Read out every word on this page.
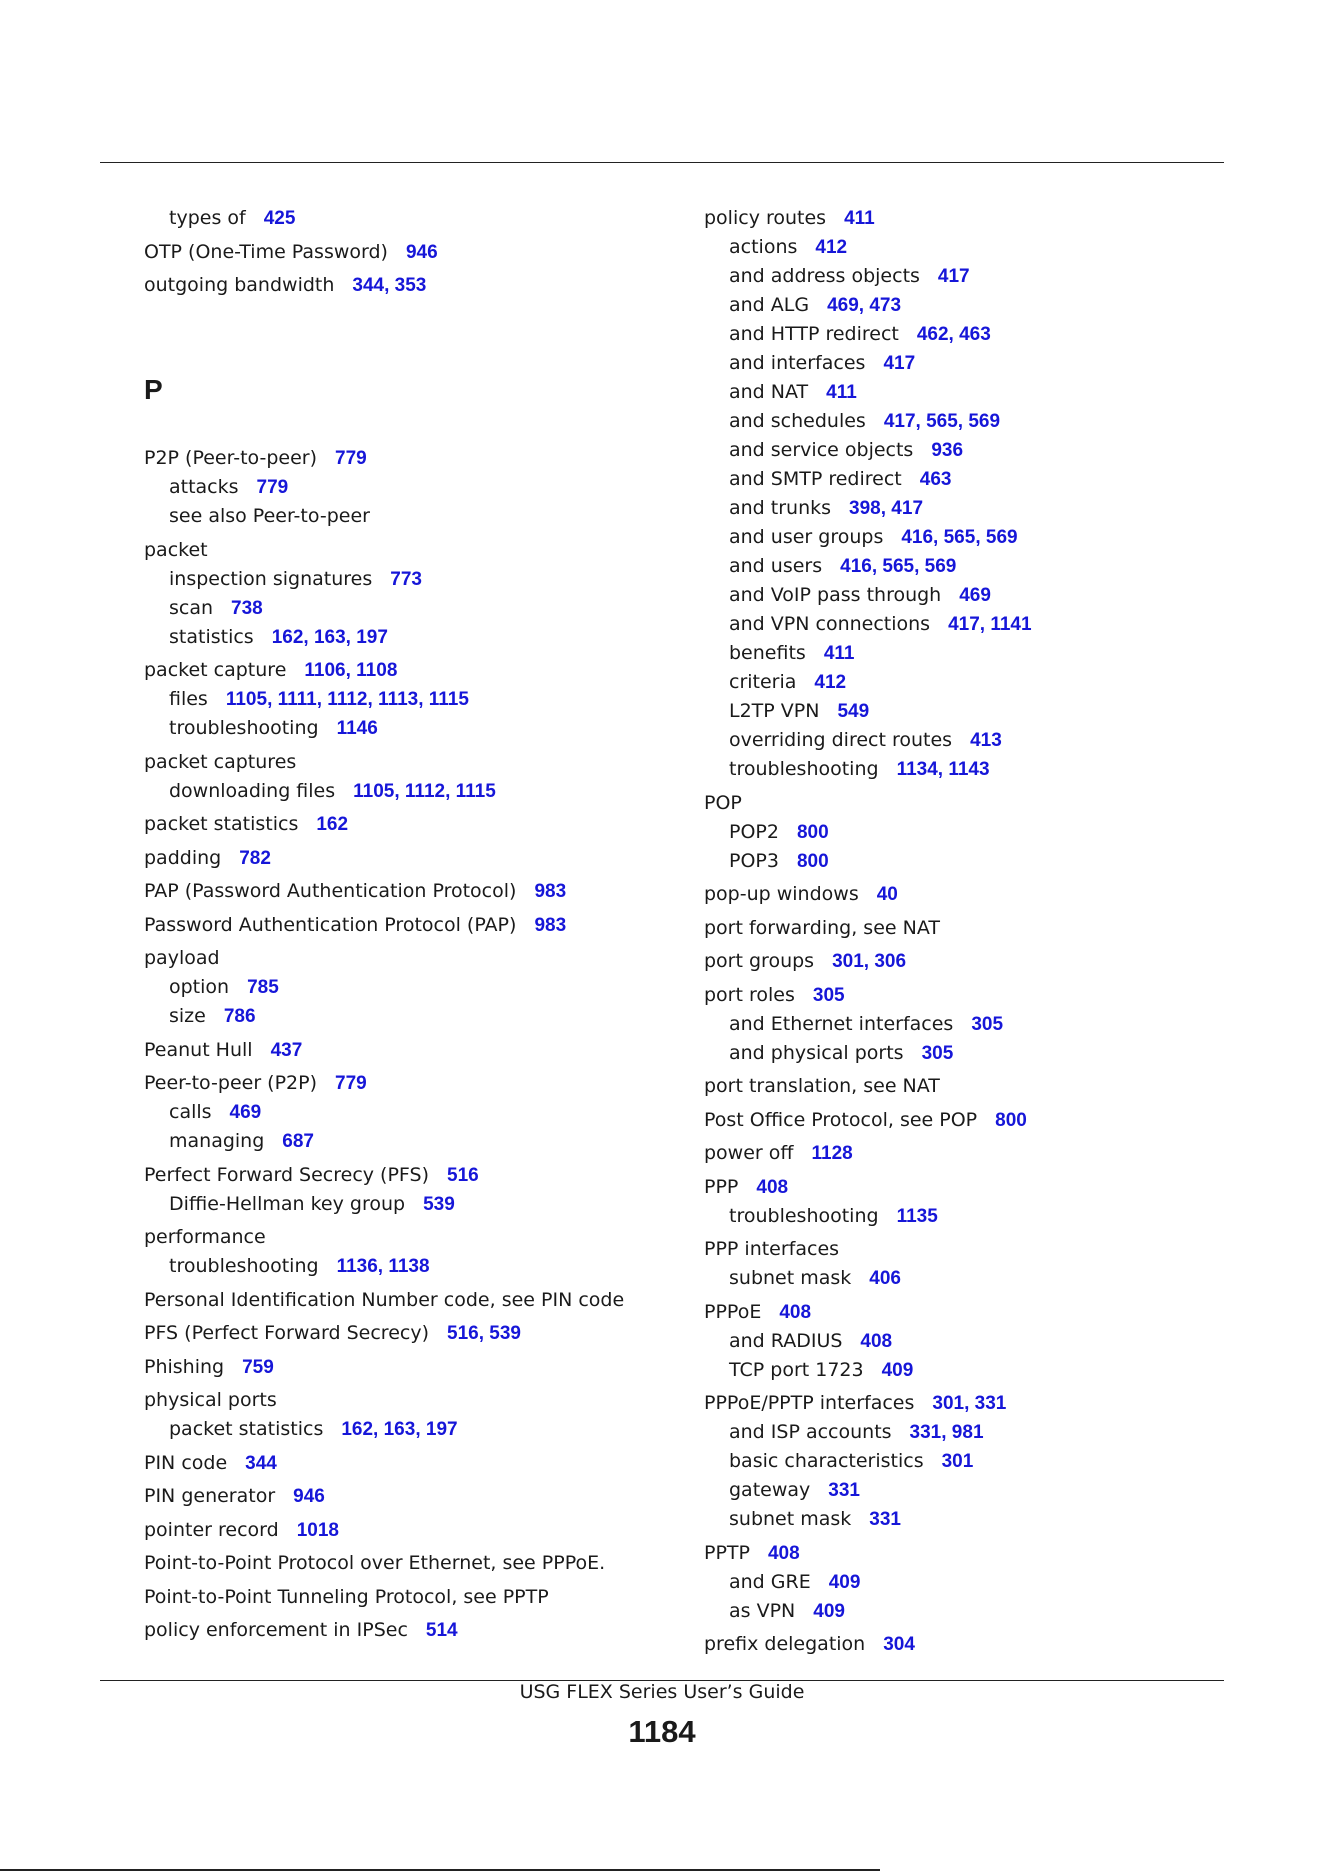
types of 425
OTP (One-Time Password) 946
outgoing bandwidth 344, 353
P
P2P (Peer-to-peer) 779
attacks 779
see also Peer-to-peer
packet
inspection signatures 773
scan 738
statistics 162, 163, 197
packet capture 1106, 1108
files 1105, 1111, 1112, 1113, 1115
troubleshooting 1146
packet captures
downloading files 1105, 1112, 1115
packet statistics 162
padding 782
PAP (Password Authentication Protocol) 983
Password Authentication Protocol (PAP) 983
payload
option 785
size 786
Peanut Hull 437
Peer-to-peer (P2P) 779
calls 469
managing 687
Perfect Forward Secrecy (PFS) 516
Diffie-Hellman key group 539
performance
troubleshooting 1136, 1138
Personal Identification Number code, see PIN code
PFS (Perfect Forward Secrecy) 516, 539
Phishing 759
physical ports
packet statistics 162, 163, 197
PIN code 344
PIN generator 946
pointer record 1018
Point-to-Point Protocol over Ethernet, see PPPoE.
Point-to-Point Tunneling Protocol, see PPTP
policy enforcement in IPSec 514
policy routes 411
actions 412
and address objects 417
and ALG 469, 473
and HTTP redirect 462, 463
and interfaces 417
and NAT 411
and schedules 417, 565, 569
and service objects 936
and SMTP redirect 463
and trunks 398, 417
and user groups 416, 565, 569
and users 416, 565, 569
and VoIP pass through 469
and VPN connections 417, 1141
benefits 411
criteria 412
L2TP VPN 549
overriding direct routes 413
troubleshooting 1134, 1143
POP
POP2 800
POP3 800
pop-up windows 40
port forwarding, see NAT
port groups 301, 306
port roles 305
and Ethernet interfaces 305
and physical ports 305
port translation, see NAT
Post Office Protocol, see POP 800
power off 1128
PPP 408
troubleshooting 1135
PPP interfaces
subnet mask 406
PPPoE 408
and RADIUS 408
TCP port 1723 409
PPPoE/PPTP interfaces 301, 331
and ISP accounts 331, 981
basic characteristics 301
gateway 331
subnet mask 331
PPTP 408
and GRE 409
as VPN 409
prefix delegation 304
USG FLEX Series User’s Guide
1184
